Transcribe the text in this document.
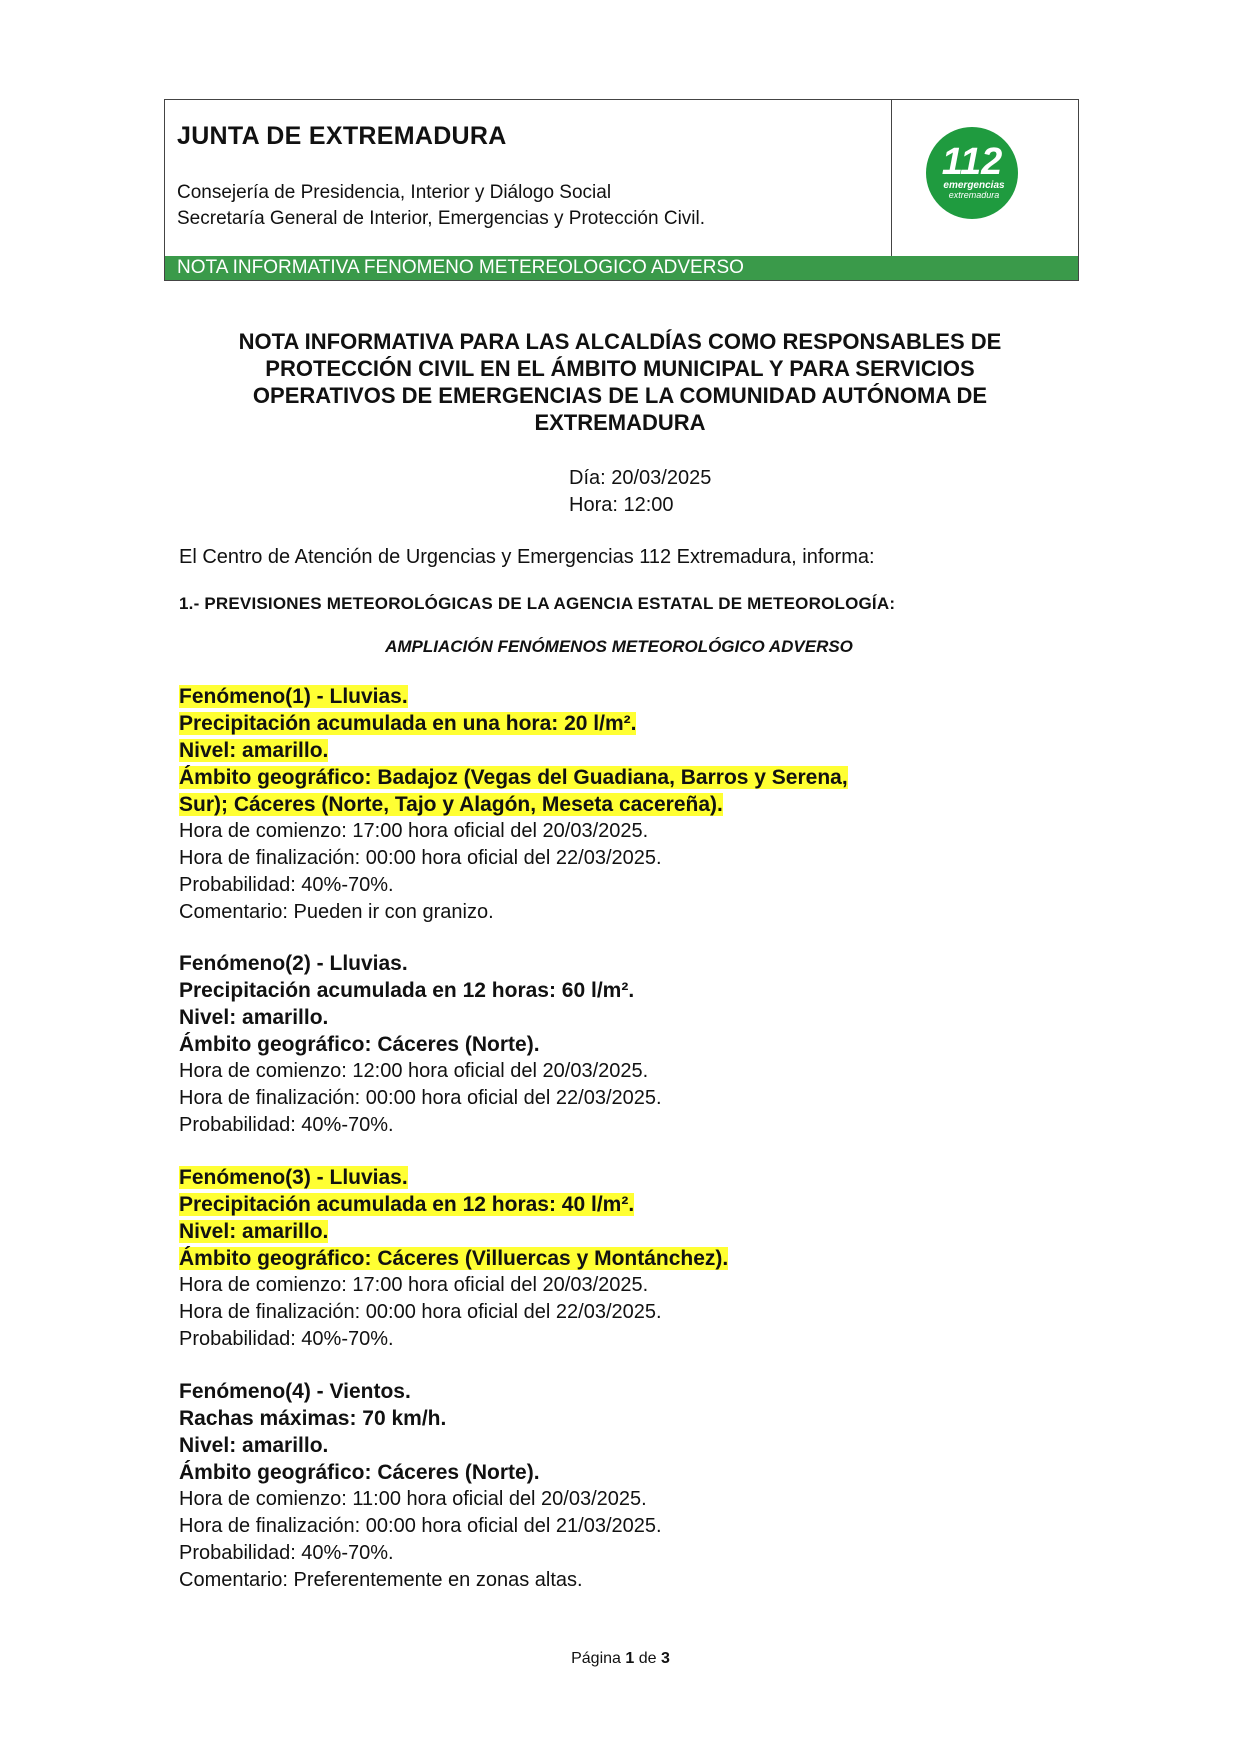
JUNTA DE EXTREMADURA
Consejería de Presidencia, Interior y Diálogo Social
Secretaría General de Interior, Emergencias y Protección Civil.
112
emergencias
extremadura
NOTA INFORMATIVA FENOMENO METEREOLOGICO ADVERSO
NOTA INFORMATIVA PARA LAS ALCALDÍAS COMO RESPONSABLES DE
PROTECCIÓN CIVIL EN EL ÁMBITO MUNICIPAL Y PARA SERVICIOS
OPERATIVOS DE EMERGENCIAS DE LA COMUNIDAD AUTÓNOMA DE
EXTREMADURA
Día: 20/03/2025
Hora: 12:00
El Centro de Atención de Urgencias y Emergencias 112 Extremadura, informa:
1.- PREVISIONES METEOROLÓGICAS DE LA AGENCIA ESTATAL DE METEOROLOGÍA:
AMPLIACIÓN FENÓMENOS METEOROLÓGICO ADVERSO
Fenómeno(1) - Lluvias.
Precipitación acumulada en una hora: 20 l/m².
Nivel: amarillo.
Ámbito geográfico: Badajoz (Vegas del Guadiana, Barros y Serena,
Sur); Cáceres (Norte, Tajo y Alagón, Meseta cacereña).
Hora de comienzo: 17:00 hora oficial del 20/03/2025.
Hora de finalización: 00:00 hora oficial del 22/03/2025.
Probabilidad: 40%-70%.
Comentario: Pueden ir con granizo.
Fenómeno(2) - Lluvias.
Precipitación acumulada en 12 horas: 60 l/m².
Nivel: amarillo.
Ámbito geográfico: Cáceres (Norte).
Hora de comienzo: 12:00 hora oficial del 20/03/2025.
Hora de finalización: 00:00 hora oficial del 22/03/2025.
Probabilidad: 40%-70%.
Fenómeno(3) - Lluvias.
Precipitación acumulada en 12 horas: 40 l/m².
Nivel: amarillo.
Ámbito geográfico: Cáceres (Villuercas y Montánchez).
Hora de comienzo: 17:00 hora oficial del 20/03/2025.
Hora de finalización: 00:00 hora oficial del 22/03/2025.
Probabilidad: 40%-70%.
Fenómeno(4) - Vientos.
Rachas máximas: 70 km/h.
Nivel: amarillo.
Ámbito geográfico: Cáceres (Norte).
Hora de comienzo: 11:00 hora oficial del 20/03/2025.
Hora de finalización: 00:00 hora oficial del 21/03/2025.
Probabilidad: 40%-70%.
Comentario: Preferentemente en zonas altas.
Página 1 de 3
